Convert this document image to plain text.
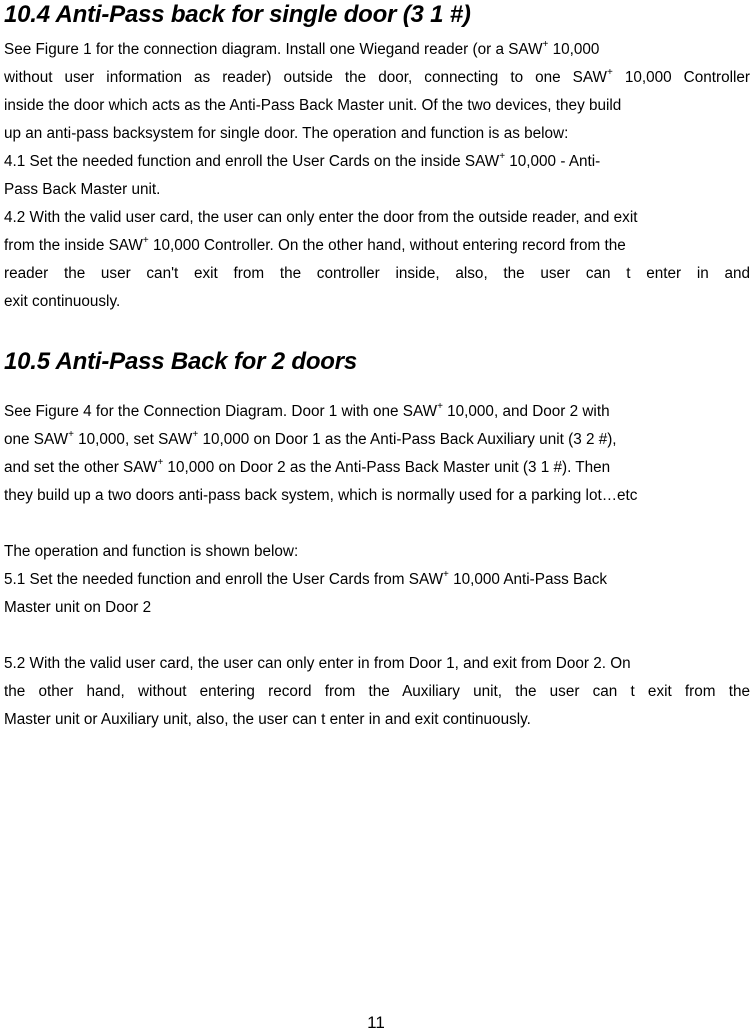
10.4 Anti-Pass back for single door (3 1 #)

See Figure 1 for the connection diagram. Install one Wiegand reader (or a SAW+ 10,000

without user information as reader) outside the door, connecting to one SAW+ 10,000 Controller

inside the door which acts as the Anti-Pass Back Master unit. Of the two devices, they build

up an anti-pass backsystem for single door. The operation and function is as below:

4.1 Set the needed function and enroll the User Cards on the inside SAW+ 10,000 - Anti-

Pass Back Master unit.

4.2 With the valid user card, the user can only enter the door from the outside reader, and exit

from the inside SAW+ 10,000 Controller. On the other hand, without entering record from the

reader the user can't exit from the controller inside, also, the user can t enter in and

exit continuously.

10.5 Anti-Pass Back for 2 doors

See Figure 4 for the Connection Diagram. Door 1 with one SAW+ 10,000, and Door 2 with

one SAW+ 10,000, set SAW+ 10,000 on Door 1 as the Anti-Pass Back Auxiliary unit (3 2 #),

and set the other SAW+ 10,000 on Door 2 as the Anti-Pass Back Master unit (3 1 #). Then

they build up a two doors anti-pass back system, which is normally used for a parking lot…etc

The operation and function is shown below:

5.1 Set the needed function and enroll the User Cards from SAW+ 10,000 Anti-Pass Back

Master unit on Door 2

5.2 With the valid user card, the user can only enter in from Door 1, and exit from Door 2. On

the other hand, without entering record from the Auxiliary unit, the user can t exit from the

Master unit or Auxiliary unit, also, the user can t enter in and exit continuously.

11
